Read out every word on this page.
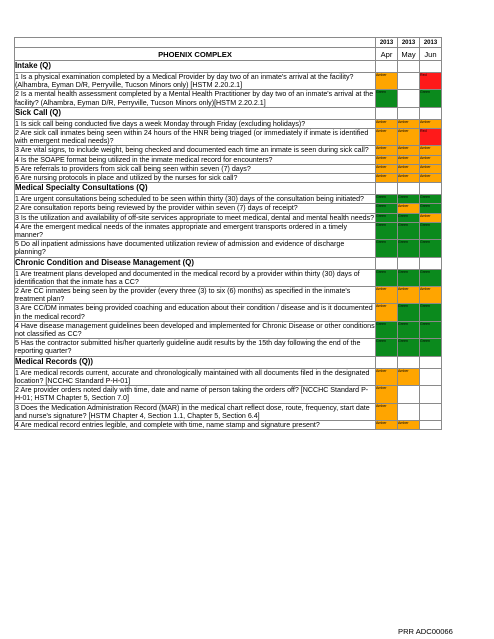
	2013	2013	2013
PHOENIX COMPLEX	Apr	May	Jun
Intake (Q)			
1 Is a physical examination completed by a Medical Provider by day two of an inmate's arrival at the facility? (Alhambra, Eyman D/R, Perryville, Tucson Minors only) [HSTM 2.20.2.1]	Amber		Red

2 Is a mental health assessment completed by a Mental Health Practitioner by day two of an inmate's arrival at the facility? (Alhambra, Eyman D/R, Perryville, Tucson Minors only)[HSTM 2.20.2.1]	Green		Green

Sick Call (Q)			
1 Is sick call being conducted five days a week Monday through Friday (excluding holidays)?	Amber	Amber	Amber

2 Are sick call inmates being seen within 24 hours of the HNR being triaged (or immediately if inmate is identified with emergent medical needs)?	Amber	Amber	Red

3 Are vital signs, to include weight, being checked and documented each time an inmate is seen during sick call?	Amber	Amber	Amber

4 Is the SOAPE format being utilized in the inmate medical record for encounters?	Amber	Amber	Amber

5 Are referrals to providers from sick call being seen within seven (7) days?	Amber	Amber	Amber

6 Are nursing protocols in place and utilized by the nurses for sick call?	Amber	Amber	Amber

Medical Specialty Consultations (Q)			
1 Are urgent consultations being scheduled to be seen within thirty (30) days of the consultation being initiated?	Green	Green	Green

2 Are consultation reports being reviewed by the provider within seven (7) days of receipt?	Green	Amber	Green

3 Is the utilization and availability of off-site services appropriate to meet medical, dental and mental health needs?	Green	Green	Amber

4 Are the emergent medical needs of the inmates appropriate and emergent transports ordered in a timely manner?	Green	Green	Green

5 Do all inpatient admissions have documented utilization review of admission and evidence of discharge planning?	Green	Green	Green

Chronic Condition and Disease Management (Q)			
1 Are treatment plans developed and documented in the medical record by a provider within thirty (30) days of identification that the inmate has a CC?	Green	Green	Green

2 Are CC inmates being seen by the provider (every three (3) to six (6) months) as specified in the inmate's treatment plan?	Amber	Amber	Amber

3 Are CC/DM inmates being provided coaching and education about their condition / disease and is it documented in the medical record?	Amber	Green	Green

4 Have disease management guidelines been developed and implemented for Chronic Disease or other conditions not classified as CC?	Green	Green	Green

5 Has the contractor submitted his/her quarterly guideline audit results by the 15th day following the end of the reporting quarter?	Green	Green	Green

Medical Records (Q))			
1 Are medical records current, accurate and chronologically maintained with all documents filed in the designated location? [NCCHC Standard P-H-01]	Amber	Amber	

2 Are provider orders noted daily with time, date and name of person taking the orders off? [NCCHC Standard P-H-01; HSTM Chapter 5, Section 7.0]	Amber		

3 Does the Medication Administration Record (MAR) in the medical chart reflect dose, route, frequency, start date and nurse's signature? [HSTM Chapter 4, Section 1.1, Chapter 5, Section 6.4]	Amber		

4 Are medical record entries legible, and complete with time, name stamp and signature present?	Amber	Amber	

PRR ADC00066
